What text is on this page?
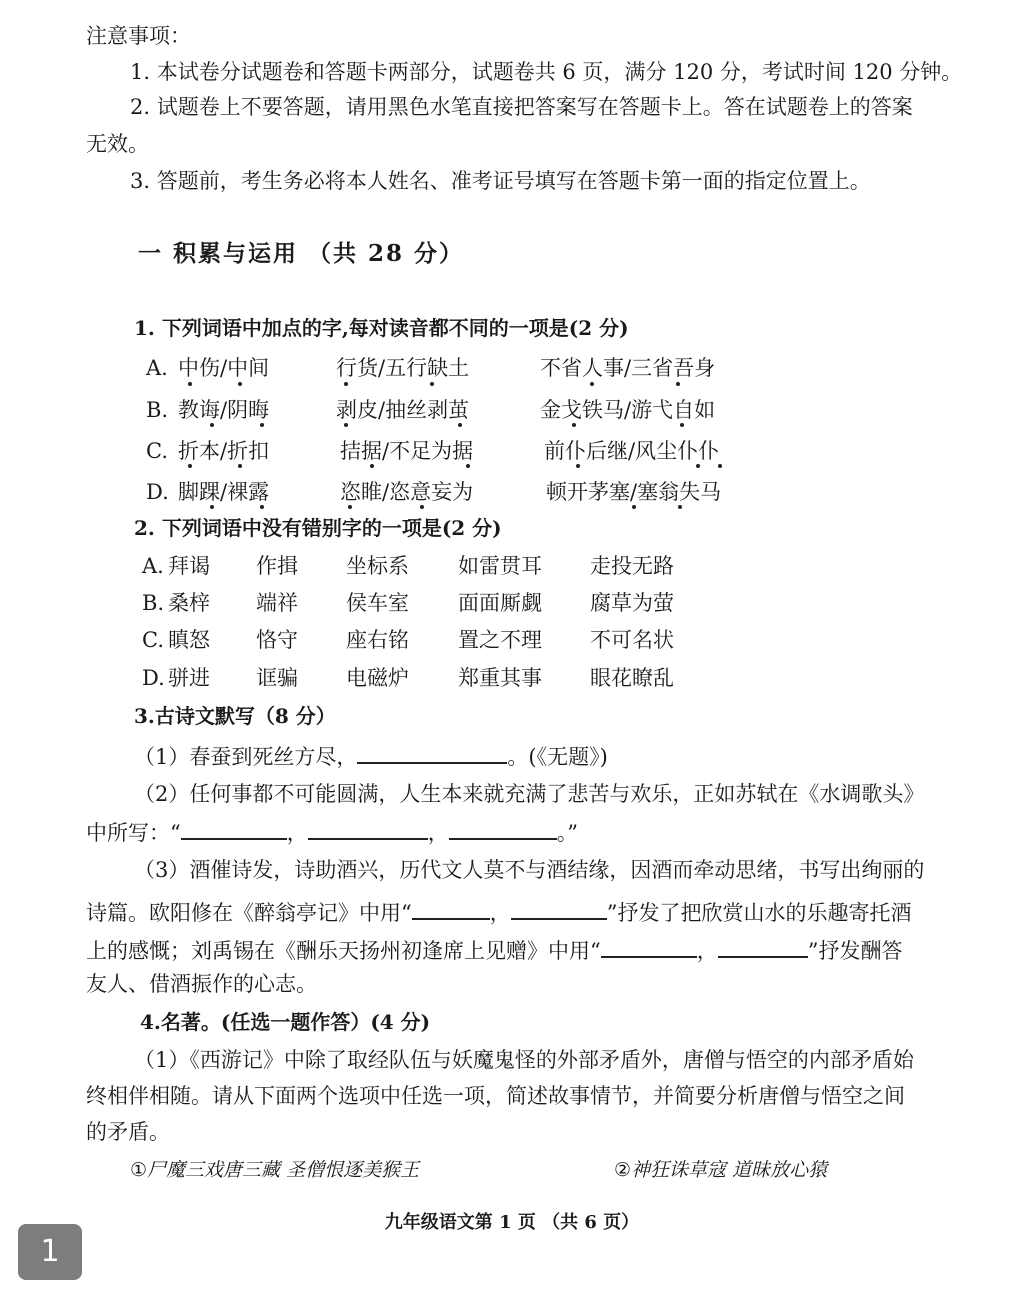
注意事项：
1. 本试卷分试题卷和答题卡两部分，试题卷共 6 页，满分 120 分，考试时间 120 分钟。
2. 试题卷上不要答题，请用黑色水笔直接把答案写在答题卡上。答在试题卷上的答案
无效。
3. 答题前，考生务必将本人姓名、准考证号填写在答题卡第一面的指定位置上。
一 积累与运用 （共 28 分）
1. 下列词语中加点的字,每对读音都不同的一项是(2 分)
A. 中伤/中间	行货/五行缺土	不省人事/三省吾身
B. 教诲/阴晦	剥皮/抽丝剥茧	金戈铁马/游弋自如
C. 折本/折扣	拮据/不足为据	前仆后继/风尘仆仆
D. 脚踝/裸露	恣睢/恣意妄为	顿开茅塞/塞翁失马
2. 下列词语中没有错别字的一项是(2 分)
A. 拜谒 作揖 坐标系 如雷贯耳 走投无路
B. 桑梓 端祥 侯车室 面面厮觑 腐草为萤
C. 瞋怒 恪守 座右铭 置之不理 不可名状
D. 骈进 诓骗 电磁炉 郑重其事 眼花瞭乱
3.古诗文默写（8 分）
（1）春蚕到死丝方尽，	。(《无题》)
（2）任何事都不可能圆满，人生本来就充满了悲苦与欢乐，正如苏轼在《水调歌头》
中所写：“	，	，	。”
（3）酒催诗发，诗助酒兴，历代文人莫不与酒结缘，因酒而牵动思绪，书写出绚丽的
诗篇。欧阳修在《醉翁亭记》中用“	，	”抒发了把欣赏山水的乐趣寄托酒
上的感慨；刘禹锡在《酬乐天扬州初逢席上见赠》中用“	，	”抒发酬答
友人、借酒振作的心志。
4.名著。(任选一题作答）(4 分)
（1）《西游记》中除了取经队伍与妖魔鬼怪的外部矛盾外，唐僧与悟空的内部矛盾始
终相伴相随。请从下面两个选项中任选一项，简述故事情节，并简要分析唐僧与悟空之间
的矛盾。
①尸魔三戏唐三藏 圣僧恨逐美猴王	②神狂诛草寇 道昧放心猿
九年级语文第 1 页 （共 6 页）
1
